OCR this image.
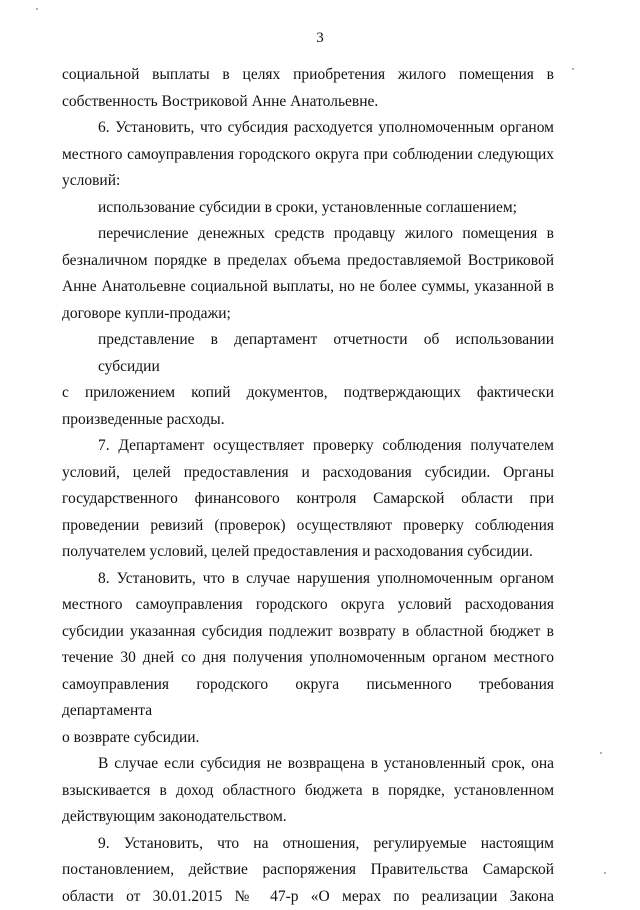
3
социальной выплаты в целях приобретения жилого помещения в
собственность Востриковой Анне Анатольевне.
6. Установить, что субсидия расходуется уполномоченным органом
местного самоуправления городского округа при соблюдении следующих
условий:
использование субсидии в сроки, установленные соглашением;
перечисление денежных средств продавцу жилого помещения в
безналичном порядке в пределах объема предоставляемой Востриковой
Анне Анатольевне социальной выплаты, но не более суммы, указанной в
договоре купли-продажи;
представление в департамент отчетности об использовании субсидии
с приложением копий документов, подтверждающих фактически
произведенные расходы.
7. Департамент осуществляет проверку соблюдения получателем
условий, целей предоставления и расходования субсидии. Органы
государственного финансового контроля Самарской области при
проведении ревизий (проверок) осуществляют проверку соблюдения
получателем условий, целей предоставления и расходования субсидии.
8. Установить, что в случае нарушения уполномоченным органом
местного самоуправления городского округа условий расходования
субсидии указанная субсидия подлежит возврату в областной бюджет в
течение 30 дней со дня получения уполномоченным органом местного
самоуправления городского округа письменного требования департамента
о возврате субсидии.
В случае если субсидия не возвращена в установленный срок, она
взыскивается в доход областного бюджета в порядке, установленном
действующим законодательством.
9. Установить, что на отношения, регулируемые настоящим
постановлением, действие распоряжения Правительства Самарской
области от 30.01.2015 № 47-р «О мерах по реализации Закона
